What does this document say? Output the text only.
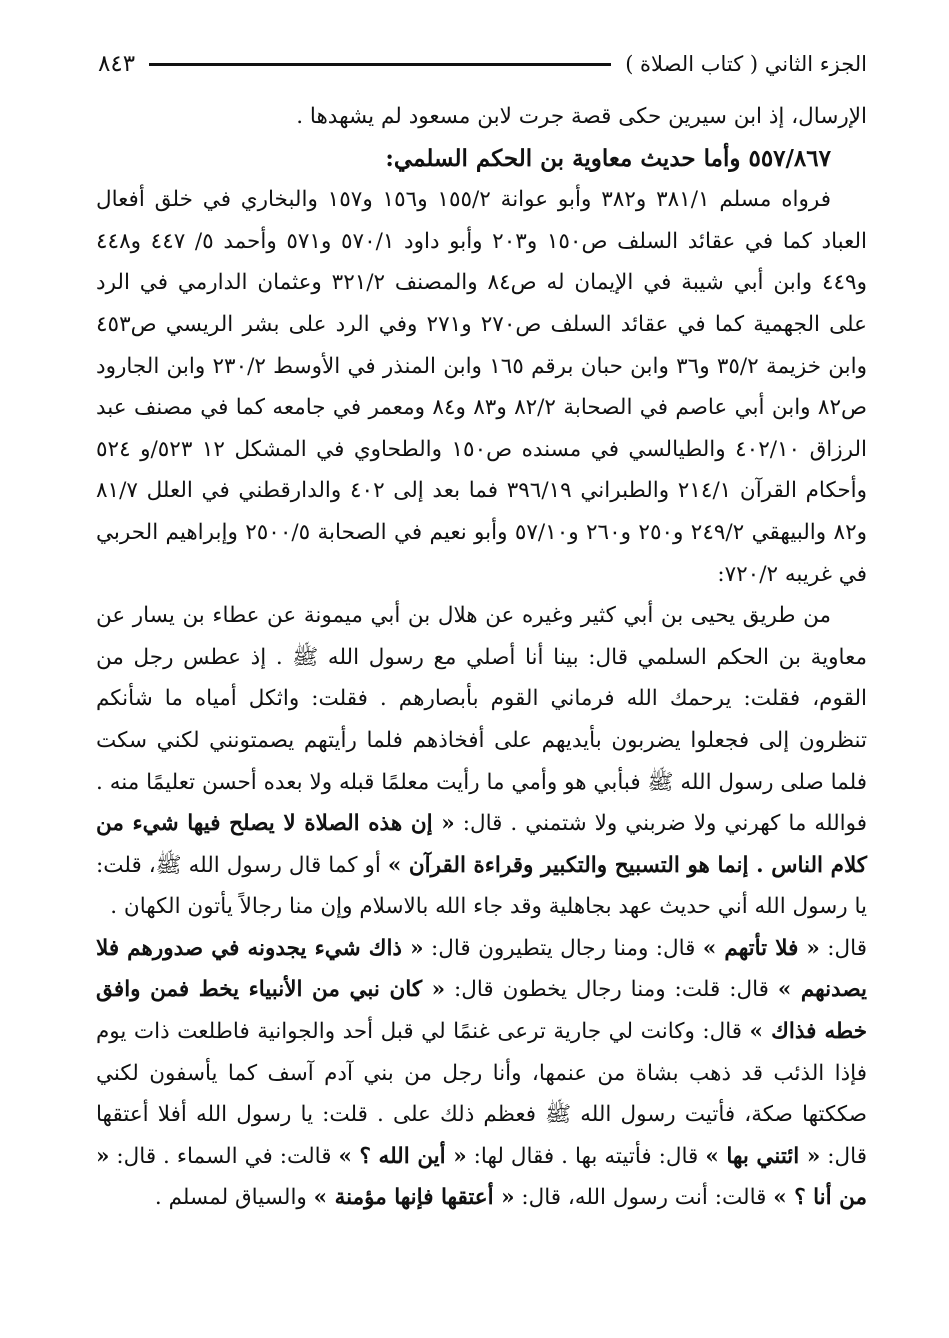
الجزء الثاني ( كتاب الصلاة )
٨٤٣

الإرسال، إذ ابن سيرين حكى قصة جرت لابن مسعود لم يشهدها .

٥٥٧/٨٦٧ وأما حديث معاوية بن الحكم السلمي:

فرواه مسلم ٣٨١/١ و٣٨٢ وأبو عوانة ١٥٥/٢ و١٥٦ و١٥٧ والبخاري في خلق أفعال العباد كما في عقائد السلف ص١٥٠ و٢٠٣ وأبو داود ٥٧٠/١ و٥٧١ وأحمد ٥/ ٤٤٧ و٤٤٨ و٤٤٩ وابن أبي شيبة في الإيمان له ص٨٤ والمصنف ٣٢١/٢ وعثمان الدارمي في الرد على الجهمية كما في عقائد السلف ص٢٧٠ و٢٧١ وفي الرد على بشر الريسي ص٤٥٣ وابن خزيمة ٣٥/٢ و٣٦ وابن حبان برقم ١٦٥ وابن المنذر في الأوسط ٢٣٠/٢ وابن الجارود ص٨٢ وابن أبي عاصم في الصحابة ٨٢/٢ و٨٣ و٨٤ ومعمر في جامعه كما في مصنف عبد الرزاق ٤٠٢/١٠ والطيالسي في مسنده ص١٥٠ والطحاوي في المشكل ١٢ ٥٢٣/و ٥٢٤ وأحكام القرآن ٢١٤/١ والطبراني ٣٩٦/١٩ فما بعد إلى ٤٠٢ والدارقطني في العلل ٨١/٧ و٨٢ والبيهقي ٢٤٩/٢ و٢٥٠ و٢٦٠ و٥٧/١٠ وأبو نعيم في الصحابة ٢٥٠٠/٥ وإبراهيم الحربي في غريبه ٧٢٠/٢:

من طريق يحيى بن أبي كثير وغيره عن هلال بن أبي ميمونة عن عطاء بن يسار عن معاوية بن الحكم السلمي قال: بينا أنا أصلي مع رسول الله ﷺ . إذ عطس رجل من القوم، فقلت: يرحمك الله فرماني القوم بأبصارهم . فقلت: واثكل أمياه ما شأنكم تنظرون إلى فجعلوا يضربون بأيديهم على أفخاذهم فلما رأيتهم يصمتونني لكني سكت فلما صلى رسول الله ﷺ فبأبي هو وأمي ما رأيت معلمًا قبله ولا بعده أحسن تعليمًا منه . فوالله ما كهرني ولا ضربني ولا شتمني . قال: « إن هذه الصلاة لا يصلح فيها شيء من كلام الناس . إنما هو التسبيح والتكبير وقراءة القرآن » أو كما قال رسول الله ﷺ، قلت: يا رسول الله أني حديث عهد بجاهلية وقد جاء الله بالاسلام وإن منا رجالاً يأتون الكهان .

قال: « فلا تأتهم » قال: ومنا رجال يتطيرون قال: « ذاك شيء يجدونه في صدورهم فلا يصدنهم » قال: قلت: ومنا رجال يخطون قال: « كان نبي من الأنبياء يخط فمن وافق خطه فذاك » قال: وكانت لي جارية ترعى غنمًا لي قبل أحد والجوانية فاطلعت ذات يوم فإذا الذئب قد ذهب بشاة من عنمها، وأنا رجل من بني آدم آسف كما يأسفون لكني صككتها صكة، فأتيت رسول الله ﷺ فعظم ذلك على . قلت: يا رسول الله أفلا أعتقها قال: « ائتني بها » قال: فأتيته بها . فقال لها: « أين الله ؟ » قالت: في السماء . قال: « من أنا ؟ » قالت: أنت رسول الله، قال: « أعتقها فإنها مؤمنة » والسياق لمسلم .
